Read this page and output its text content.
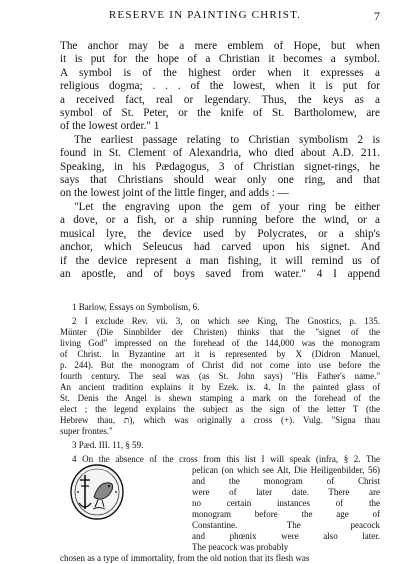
RESERVE IN PAINTING CHRIST.	7
The anchor may be a mere emblem of Hope, but when
it is put for the hope of a Christian it becomes a symbol.
A symbol is of the highest order when it expresses a
religious dogma; . . . of the lowest, when it is put for
a received fact, real or legendary. Thus, the keys as a
symbol of St. Peter, or the knife of St. Bartholomew, are
of the lowest order." 1
The earliest passage relating to Christian symbolism 2 is
found in St. Clement of Alexandria, who died about A.D. 211.
Speaking, in his Pædagogus, 3 of Christian signet-rings, he
says that Christians should wear only one ring, and that
on the lowest joint of the little finger, and adds : —
"Let the engraving upon the gem of your ring be either
a dove, or a fish, or a ship running before the wind, or a
musical lyre, the device used by Polycrates, or a ship's
anchor, which Seleucus had carved upon his signet. And
if the device represent a man fishing, it will remind us of
an apostle, and of boys saved from water." 4 I append
1 Barlow, Essays on Symbolism, 6.
2 I exclude Rev. vii. 3, on which see King, The Gnostics, p. 135.
Münter (Die Sinnbilder der Christen) thinks that the "signet of the
living God" impressed on the forehead of the 144,000 was the monogram
of Christ. In Byzantine art it is represented by X (Didron Manuel,
p. 244). But the monogram of Christ did not come into use before the
fourth century. The seal was (as St. John says) "His Father's name."
An ancient tradition explains it by Ezek. ix. 4. In the painted glass of
St. Denis the Angel is shewn stamping a mark on the forehead of the
elect ; the legend explains the subject as the sign of the letter T (the
Hebrew thau, ת), which was originally a cross (+). Vulg. "Signa thau
super frontes."
3 Pæd. III. 11, § 59.
4 On the absence of the cross from this list I will speak (infra, § 2. The
pelican (on which see Alt, Die Heiligenbilder, 56)
and the monogram of Christ
were of later date. There are
no certain instances of the
monogram before the age of
Constantine. The peacock
and phœnix were also later.
The peacock was probably
chosen as a type of immortality, from the old notion that its flesh was
